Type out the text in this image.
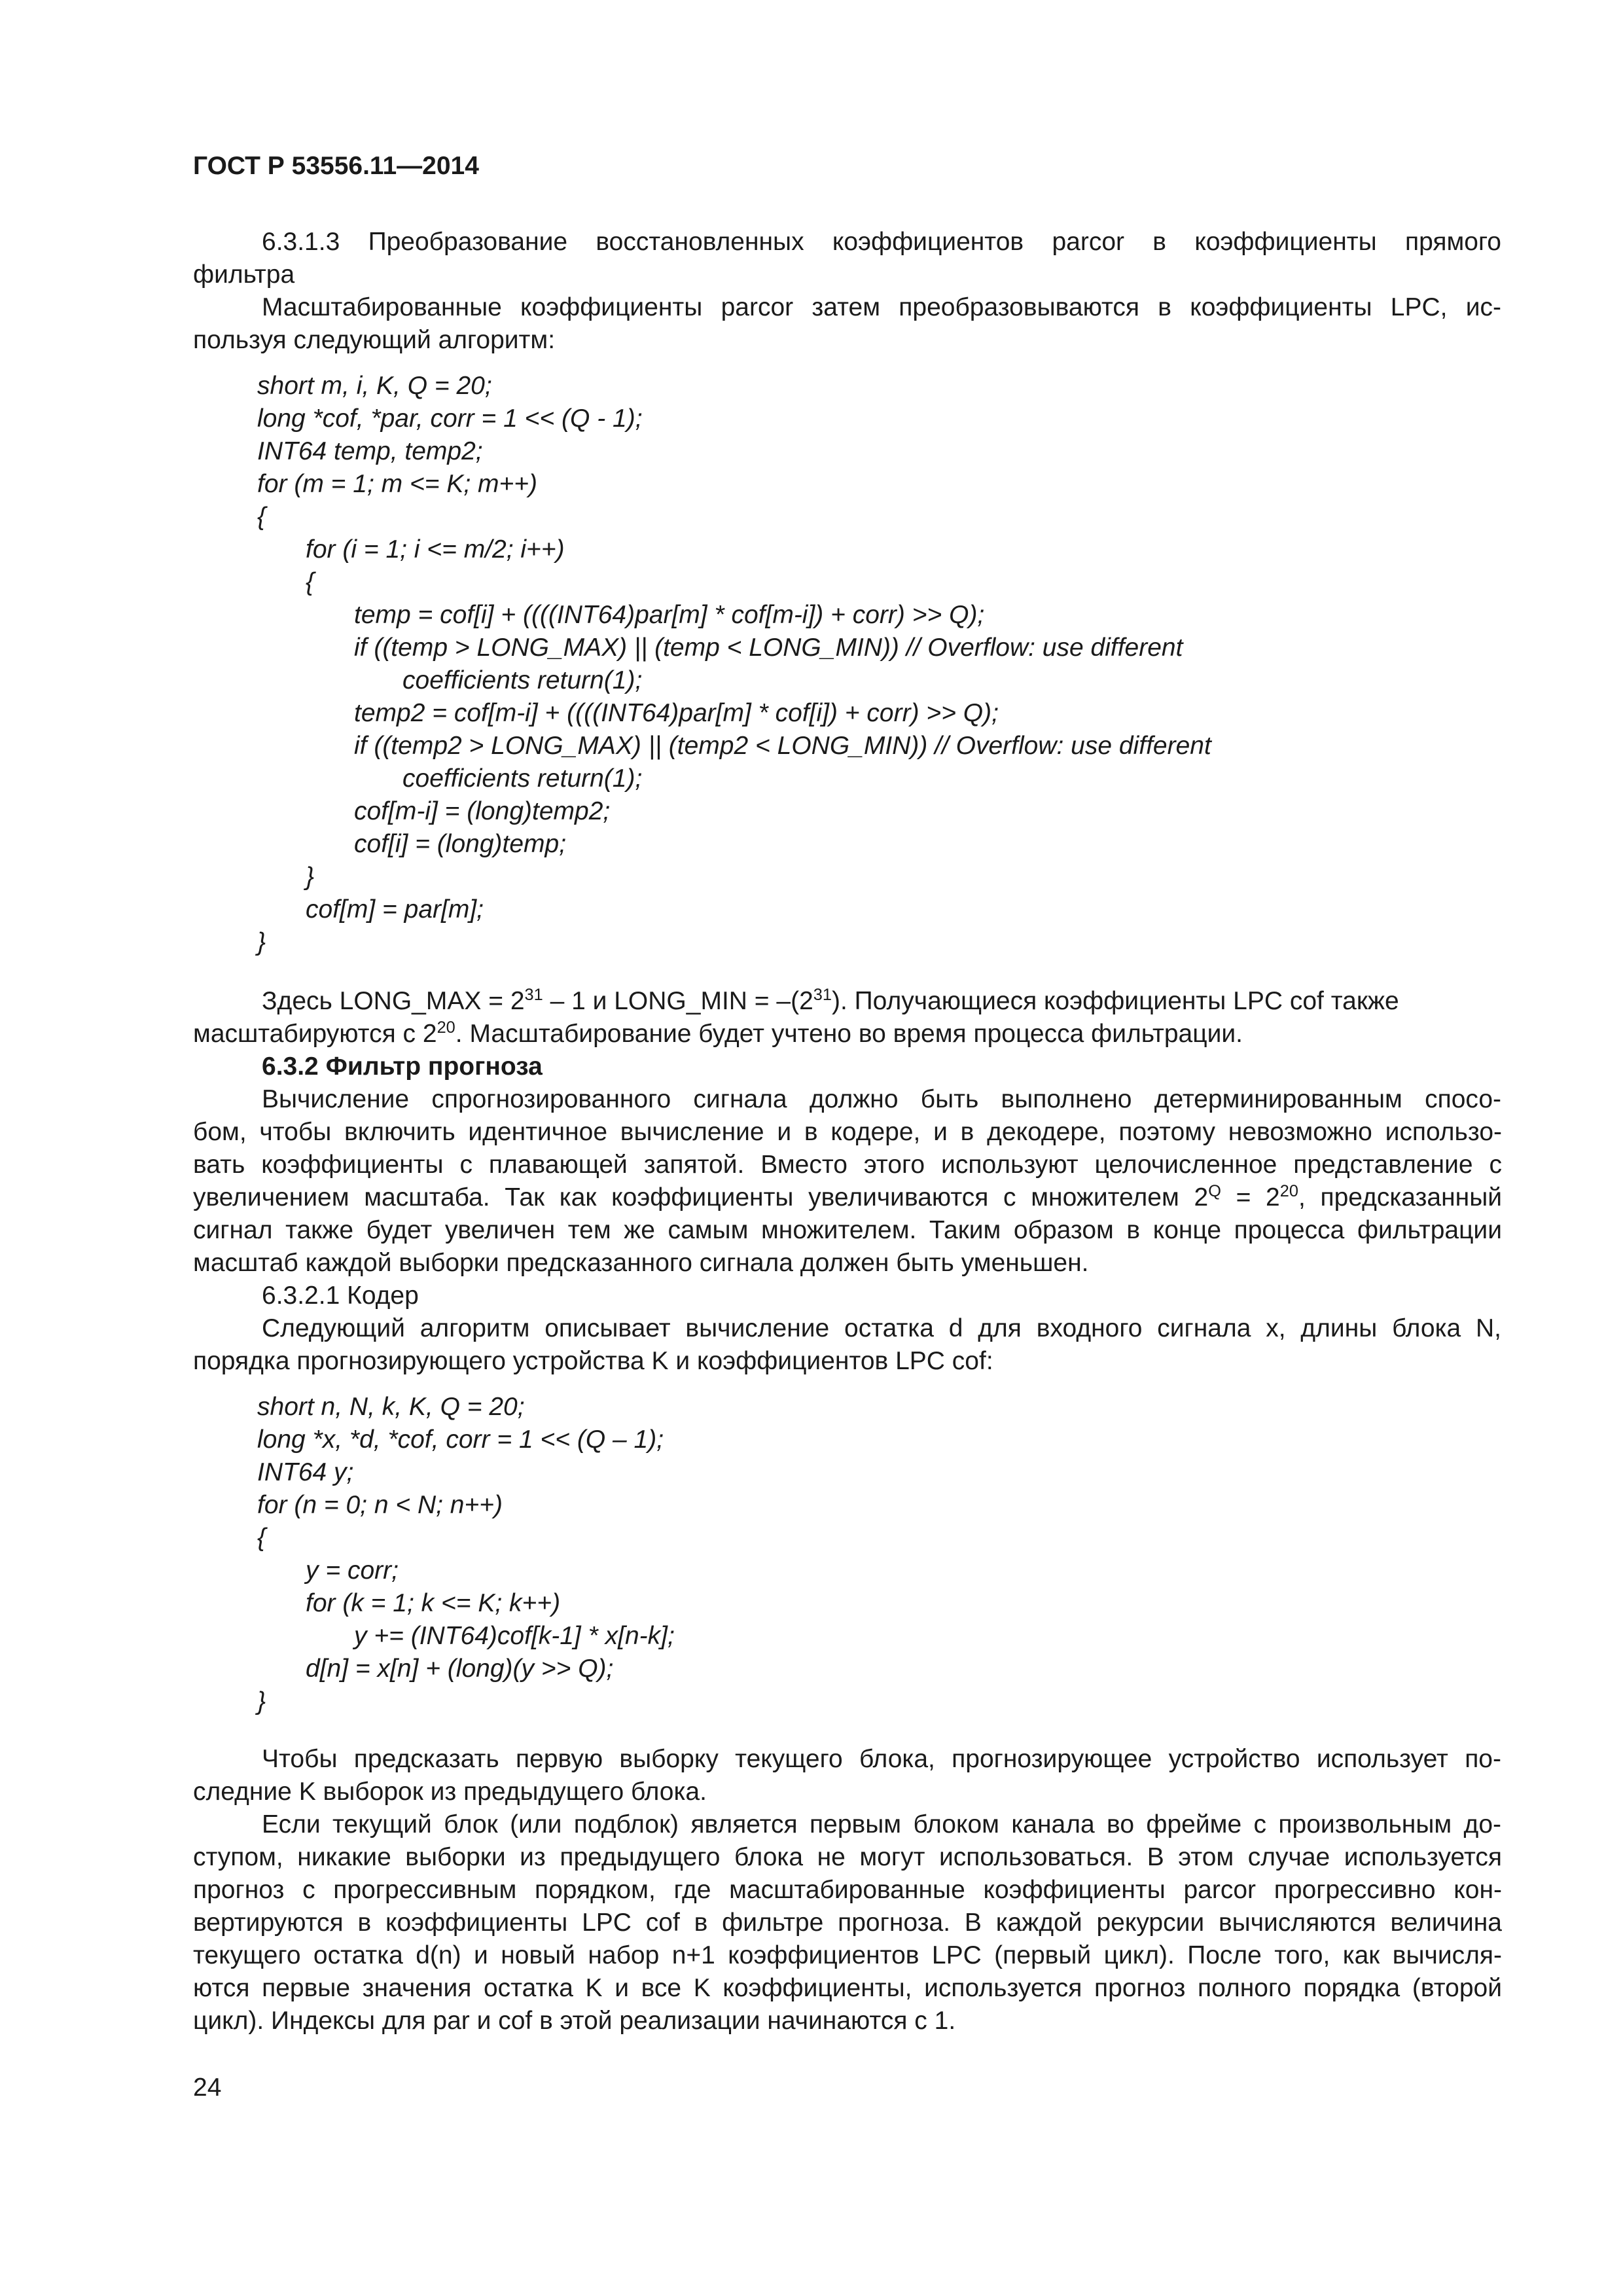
ГОСТ Р 53556.11—2014
6.3.1.3 Преобразование восстановленных коэффициентов parcor в коэффициенты прямого
фильтра
Масштабированные коэффициенты parcor затем преобразовываются в коэффициенты LPC, ис-
пользуя следующий алгоритм:
short m, i, K, Q = 20;
long *cof, *par, corr = 1 << (Q - 1);
INT64 temp, temp2;
for (m = 1; m <= K; m++)
{
for (i = 1; i <= m/2; i++)
{
temp = cof[i] + ((((INT64)par[m] * cof[m-i]) + corr) >> Q);
if ((temp > LONG_MAX) || (temp < LONG_MIN)) // Overflow: use different
coefficients return(1);
temp2 = cof[m-i] + ((((INT64)par[m] * cof[i]) + corr) >> Q);
if ((temp2 > LONG_MAX) || (temp2 < LONG_MIN)) // Overflow: use different
coefficients return(1);
cof[m-i] = (long)temp2;
cof[i] = (long)temp;
}
cof[m] = par[m];
}
Здесь LONG_MAX = $2^{31} - 1$ и LONG_MIN = $-(2^{31})$. Получающиеся коэффициенты LPC cof также
масштабируются с $2^{20}$. Масштабирование будет учтено во время процесса фильтрации.
6.3.2 Фильтр прогноза
Вычисление спрогнозированного сигнала должно быть выполнено детерминированным спосо-
бом, чтобы включить идентичное вычисление и в кодере, и в декодере, поэтому невозможно использо-
вать коэффициенты с плавающей запятой. Вместо этого используют целочисленное представление с
увеличением масштаба. Так как коэффициенты увеличиваются с множителем $2^Q = 2^{20}$, предсказанный
сигнал также будет увеличен тем же самым множителем. Таким образом в конце процесса фильтрации
масштаб каждой выборки предсказанного сигнала должен быть уменьшен.
6.3.2.1 Кодер
Следующий алгоритм описывает вычисление остатка d для входного сигнала x, длины блока N,
порядка прогнозирующего устройства K и коэффициентов LPC cof:
short n, N, k, K, Q = 20;
long *x, *d, *cof, corr = 1 << (Q – 1);
INT64 y;
for (n = 0; n < N; n++)
{
y = corr;
for (k = 1; k <= K; k++)
y += (INT64)cof[k-1] * x[n-k];
d[n] = x[n] + (long)(y >> Q);
}
Чтобы предсказать первую выборку текущего блока, прогнозирующее устройство использует по-
следние K выборок из предыдущего блока.
Если текущий блок (или подблок) является первым блоком канала во фрейме с произвольным до-
ступом, никакие выборки из предыдущего блока не могут использоваться. В этом случае используется
прогноз с прогрессивным порядком, где масштабированные коэффициенты parcor прогрессивно кон-
вертируются в коэффициенты LPC cof в фильтре прогноза. В каждой рекурсии вычисляются величина
текущего остатка d(n) и новый набор n+1 коэффициентов LPC (первый цикл). После того, как вычисля-
ются первые значения остатка K и все K коэффициенты, используется прогноз полного порядка (второй
цикл). Индексы для par и cof в этой реализации начинаются с 1.
24
